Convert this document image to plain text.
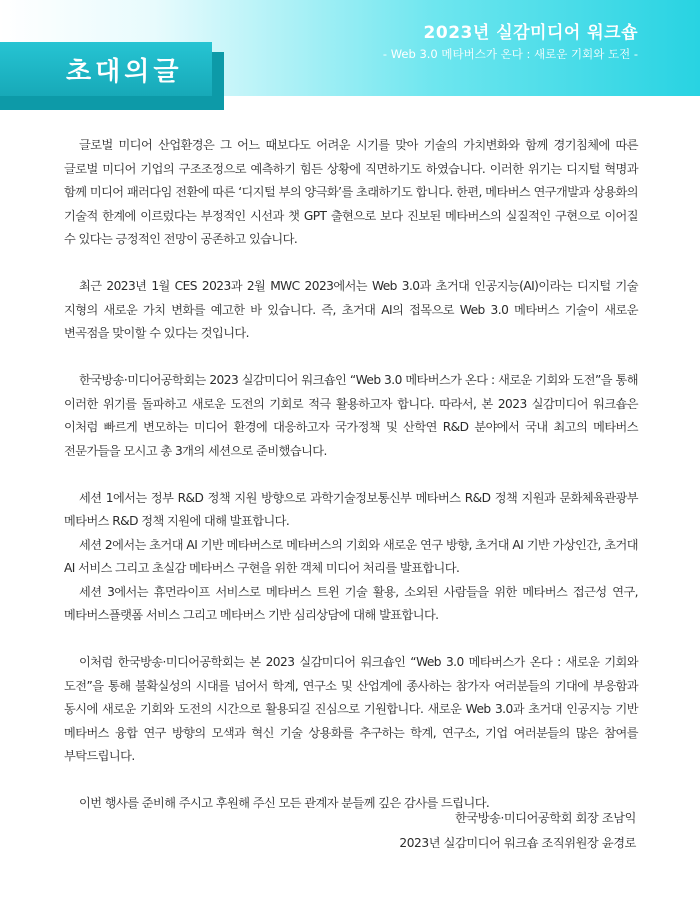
2023년 실감미디어 워크숍
- Web 3.0 메타버스가 온다 : 새로운 기회와 도전 -
초대의글

글로벌 미디어 산업환경은 그 어느 때보다도 어려운 시기를 맞아 기술의 가치변화와 함께 경기침체에 따른 글로벌 미디어 기업의 구조조정으로 예측하기 힘든 상황에 직면하기도 하였습니다. 이러한 위기는 디지털 혁명과 함께 미디어 패러다임 전환에 따른 ‘디지털 부의 양극화’를 초래하기도 합니다. 한편, 메타버스 연구개발과 상용화의 기술적 한계에 이르렀다는 부정적인 시선과 챗 GPT 출현으로 보다 진보된 메타버스의 실질적인 구현으로 이어질 수 있다는 긍정적인 전망이 공존하고 있습니다.

최근 2023년 1월 CES 2023과 2월 MWC 2023에서는 Web 3.0과 초거대 인공지능(AI)이라는 디지털 기술 지형의 새로운 가치 변화를 예고한 바 있습니다. 즉, 초거대 AI의 접목으로 Web 3.0 메타버스 기술이 새로운 변곡점을 맞이할 수 있다는 것입니다.

한국방송·미디어공학회는 2023 실감미디어 워크숍인 “Web 3.0 메타버스가 온다 : 새로운 기회와 도전”을 통해 이러한 위기를 돌파하고 새로운 도전의 기회로 적극 활용하고자 합니다. 따라서, 본 2023 실감미디어 워크숍은 이처럼 빠르게 변모하는 미디어 환경에 대응하고자 국가정책 및 산학연 R&D 분야에서 국내 최고의 메타버스 전문가들을 모시고 총 3개의 세션으로 준비했습니다.

세션 1에서는 정부 R&D 정책 지원 방향으로 과학기술정보통신부 메타버스 R&D 정책 지원과 문화체육관광부 메타버스 R&D 정책 지원에 대해 발표합니다.

세션 2에서는 초거대 AI 기반 메타버스로 메타버스의 기회와 새로운 연구 방향, 초거대 AI 기반 가상인간, 초거대 AI 서비스 그리고 초실감 메타버스 구현을 위한 객체 미디어 처리를 발표합니다.

세션 3에서는 휴먼라이프 서비스로 메타버스 트윈 기술 활용, 소외된 사람들을 위한 메타버스 접근성 연구, 메타버스플랫폼 서비스 그리고 메타버스 기반 심리상담에 대해 발표합니다.

이처럼 한국방송·미디어공학회는 본 2023 실감미디어 워크숍인 “Web 3.0 메타버스가 온다 : 새로운 기회와 도전”을 통해 불확실성의 시대를 넘어서 학계, 연구소 및 산업계에 종사하는 참가자 여러분들의 기대에 부응함과 동시에 새로운 기회와 도전의 시간으로 활용되길 진심으로 기원합니다. 새로운 Web 3.0과 초거대 인공지능 기반 메타버스 융합 연구 방향의 모색과 혁신 기술 상용화를 추구하는 학계, 연구소, 기업 여러분들의 많은 참여를 부탁드립니다.

이번 행사를 준비해 주시고 후원해 주신 모든 관계자 분들께 깊은 감사를 드립니다.

한국방송·미디어공학회 회장 조남익
2023년 실감미디어 워크숍 조직위원장 윤경로
